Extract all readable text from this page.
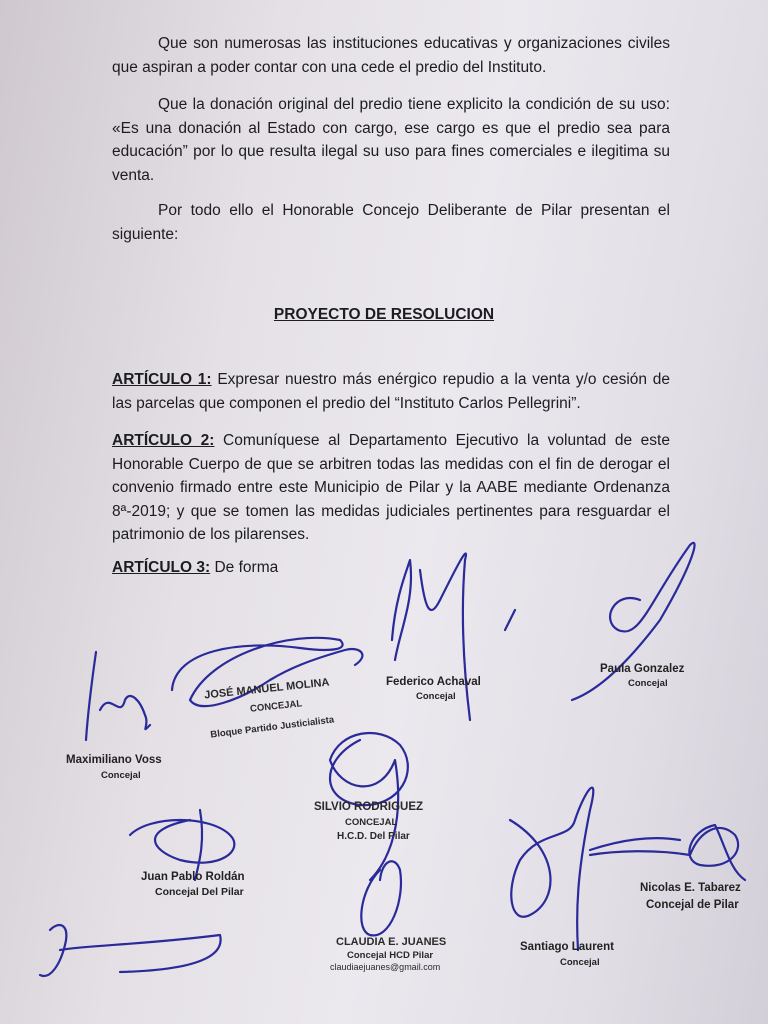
Que son numerosas las instituciones educativas y organizaciones civiles que aspiran a poder contar con una cede el predio del Instituto.
Que la donación original del predio tiene explicito la condición de su uso: «Es una donación al Estado con cargo, ese cargo es que el predio sea para educación” por lo que resulta ilegal su uso para fines comerciales e ilegitima su venta.
Por todo ello el Honorable Concejo Deliberante de Pilar presentan el siguiente:
PROYECTO DE RESOLUCION
ARTÍCULO 1: Expresar nuestro más enérgico repudio a la venta y/o cesión de las parcelas que componen el predio del “Instituto Carlos Pellegrini”.
ARTÍCULO 2: Comuníquese al Departamento Ejecutivo la voluntad de este Honorable Cuerpo de que se arbitren todas las medidas con el fin de derogar el convenio firmado entre este Municipio de Pilar y la AABE mediante Ordenanza 8ª-2019; y que se tomen las medidas judiciales pertinentes para resguardar el patrimonio de los pilarenses.
ARTÍCULO 3: De forma
JOSÉ MANUEL MOLINA
CONCEJAL
Bloque Partido Justicialista
Federico Achaval
Concejal
Paula Gonzalez
Concejal
Maximiliano Voss
Concejal
SILVIO RODRIGUEZ
CONCEJAL
H.C.D. Del Pilar
Juan Pablo Roldán
Concejal Del Pilar	Nicolas E. Tabarez
Concejal de Pilar
CLAUDIA E. JUANES
Concejal HCD Pilar
claudiaejuanes@gmail.com
Santiago Laurent
Concejal
